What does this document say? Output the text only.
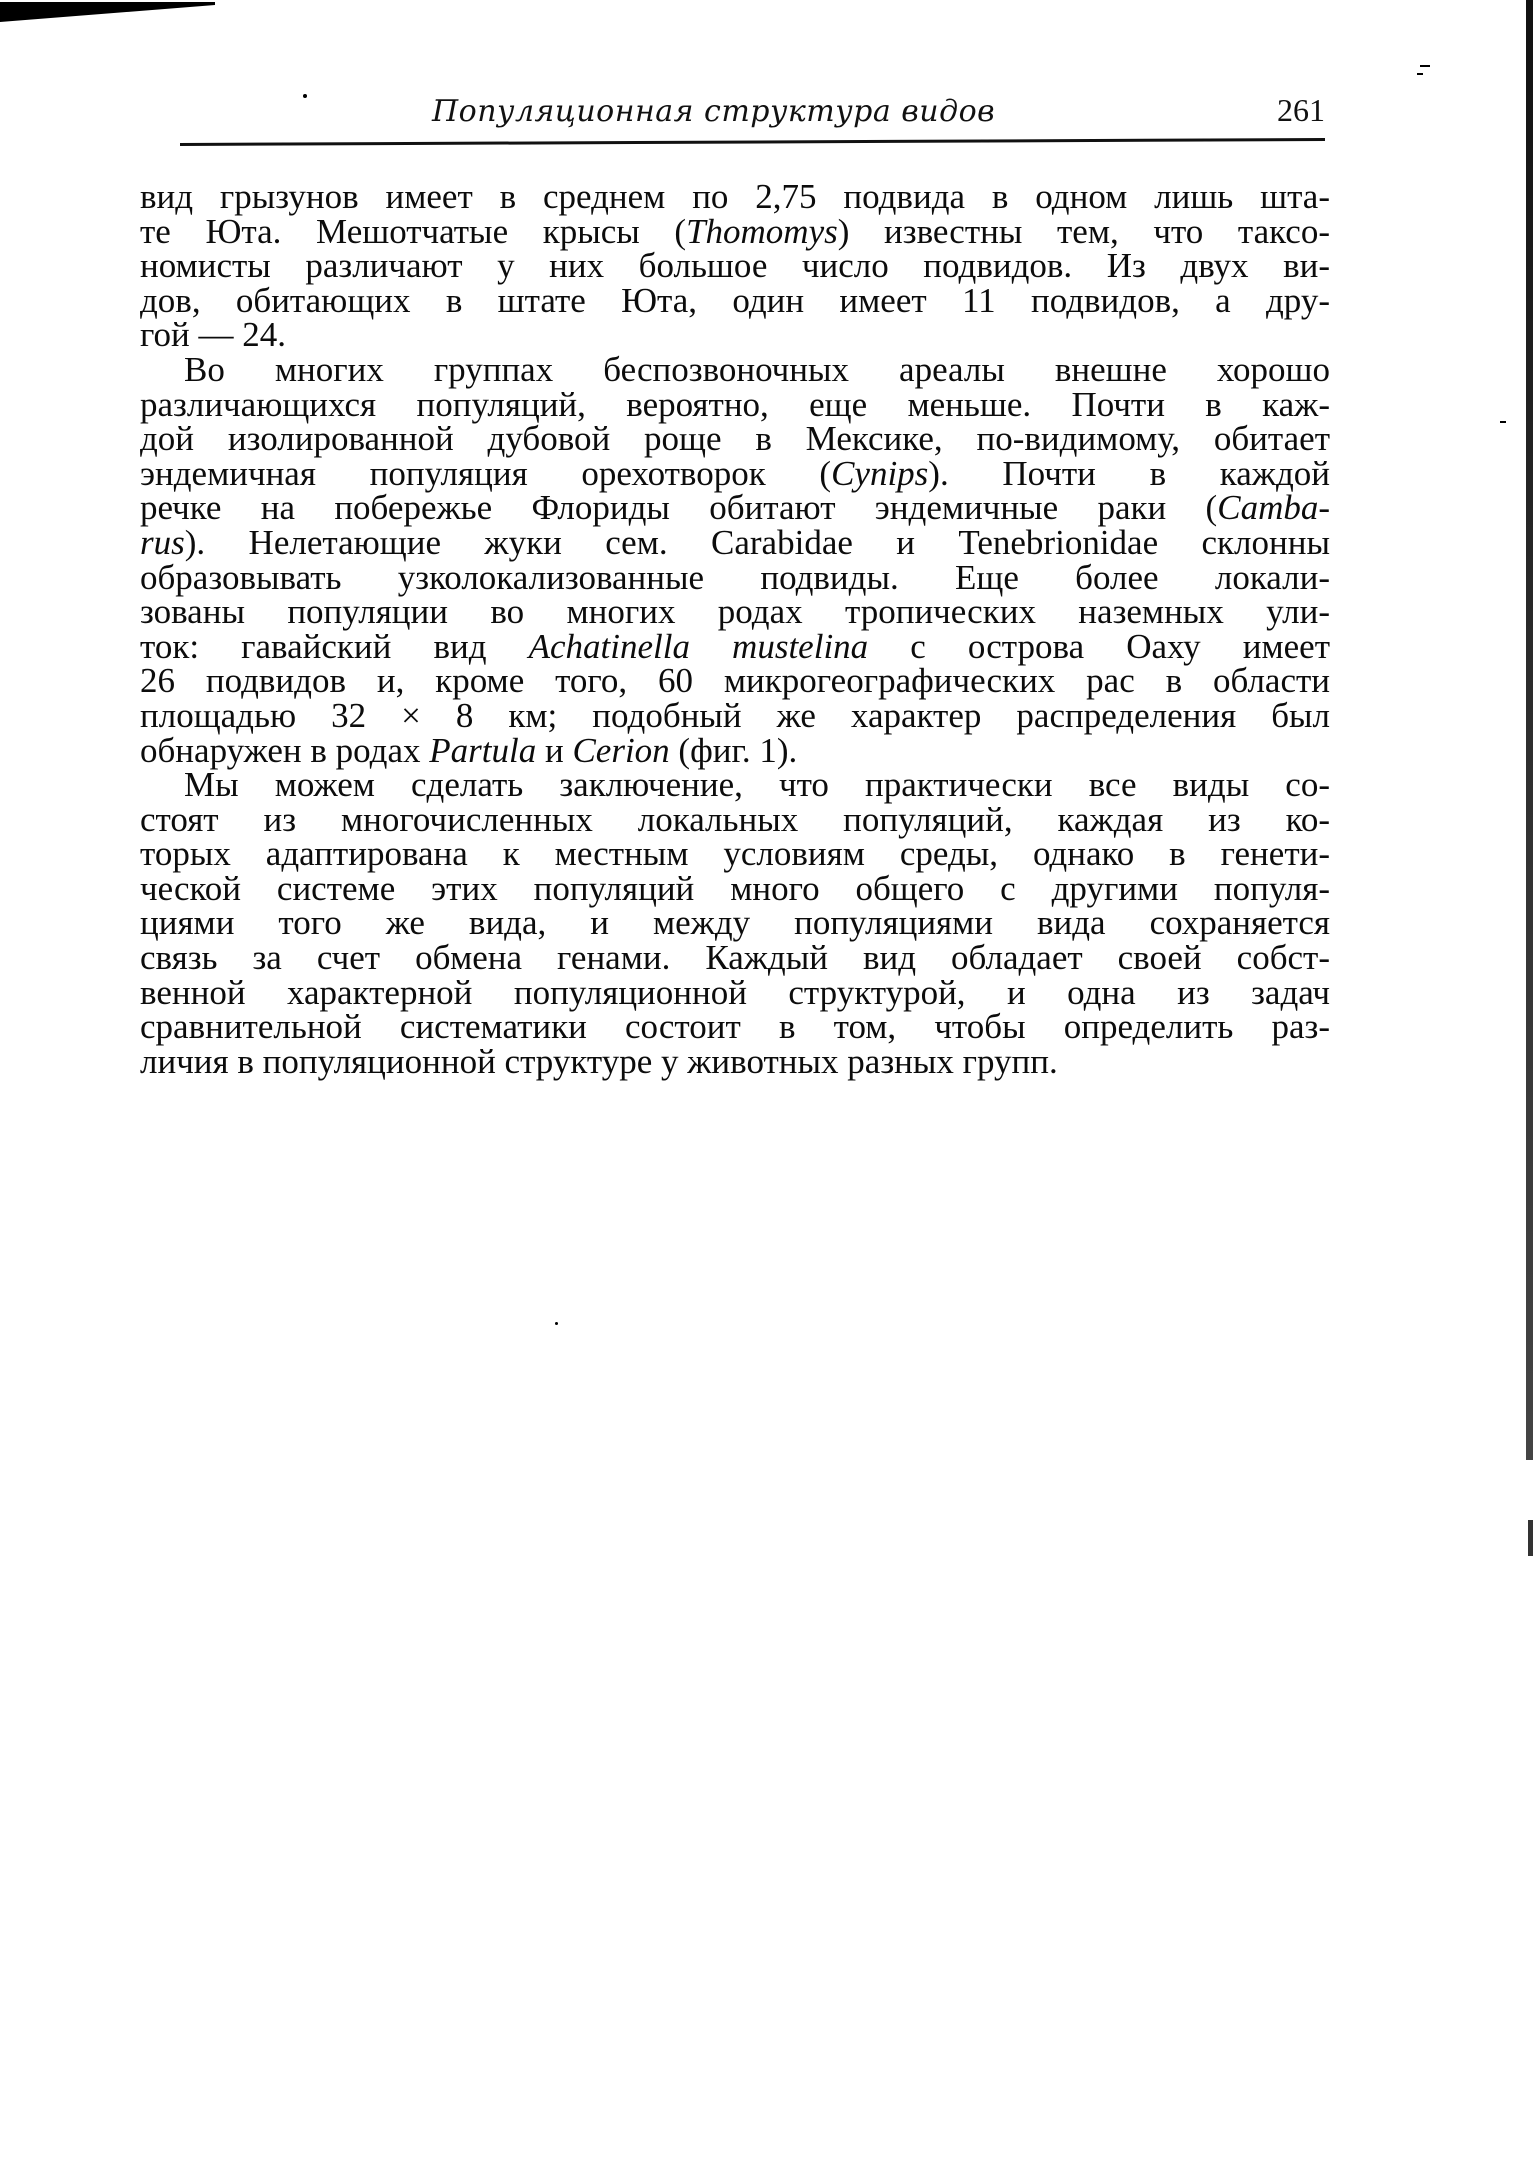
Популяционная структура видов	261
вид грызунов имеет в среднем по 2,75 подвида в одном лишь шта-
те Юта. Мешотчатые крысы (Thomomys) известны тем, что таксо-
номисты различают у них большое число подвидов. Из двух ви-
дов, обитающих в штате Юта, один имеет 11 подвидов, а дру-
гой — 24.
Во многих группах беспозвоночных ареалы внешне хорошо
различающихся популяций, вероятно, еще меньше. Почти в каж-
дой изолированной дубовой роще в Мексике, по-видимому, обитает
эндемичная популяция орехотворок (Cynips). Почти в каждой
речке на побережье Флориды обитают эндемичные раки (Camba-
rus). Нелетающие жуки сем. Carabidae и Tenebrionidae склонны
образовывать узколокализованные подвиды. Еще более локали-
зованы популяции во многих родах тропических наземных ули-
ток: гавайский вид Achatinella mustelina с острова Оаху имеет
26 подвидов и, кроме того, 60 микрогеографических рас в области
площадью 32 × 8 км; подобный же характер распределения был
обнаружен в родах Partula и Cerion (фиг. 1).
Мы можем сделать заключение, что практически все виды со-
стоят из многочисленных локальных популяций, каждая из ко-
торых адаптирована к местным условиям среды, однако в генети-
ческой системе этих популяций много общего с другими популя-
циями того же вида, и между популяциями вида сохраняется
связь за счет обмена генами. Каждый вид обладает своей собст-
венной характерной популяционной структурой, и одна из задач
сравнительной систематики состоит в том, чтобы определить раз-
личия в популяционной структуре у животных разных групп.
